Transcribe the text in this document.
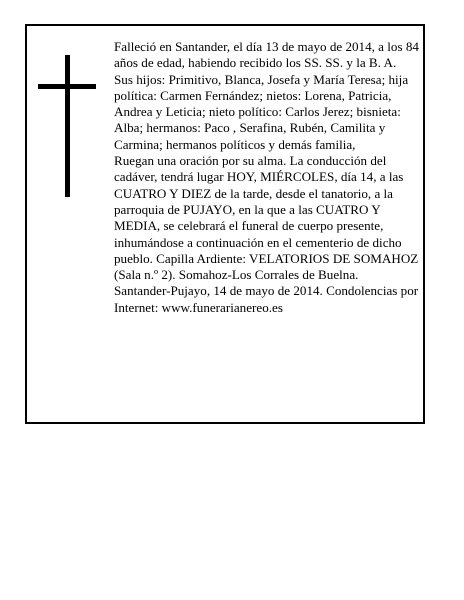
Falleció en Santander, el día 13 de mayo de 2014, a los 84 años de edad, habiendo recibido los SS. SS. y la B. A.

Sus hijos: Primitivo, Blanca, Josefa y María Teresa; hija política: Carmen Fernández; nietos: Lorena, Patricia, Andrea y Leticia; nieto político: Carlos Jerez; bisnieta: Alba; hermanos: Paco , Serafina, Rubén, Camilita y Carmina; hermanos políticos y demás familia,

Ruegan una oración por su alma. La conducción del cadáver, tendrá lugar HOY, MIÉRCOLES, día 14, a las CUATRO Y DIEZ de la tarde, desde el tanatorio, a la parroquia de PUJAYO, en la que a las CUATRO Y MEDIA, se celebrará el funeral de cuerpo presente, inhumándose a continuación en el cementerio de dicho pueblo. Capilla Ardiente: VELATORIOS DE SOMAHOZ (Sala n.º 2). Somahoz-Los Corrales de Buelna.

Santander-Pujayo, 14 de mayo de 2014. Condolencias por Internet: www.funerarianereo.es
